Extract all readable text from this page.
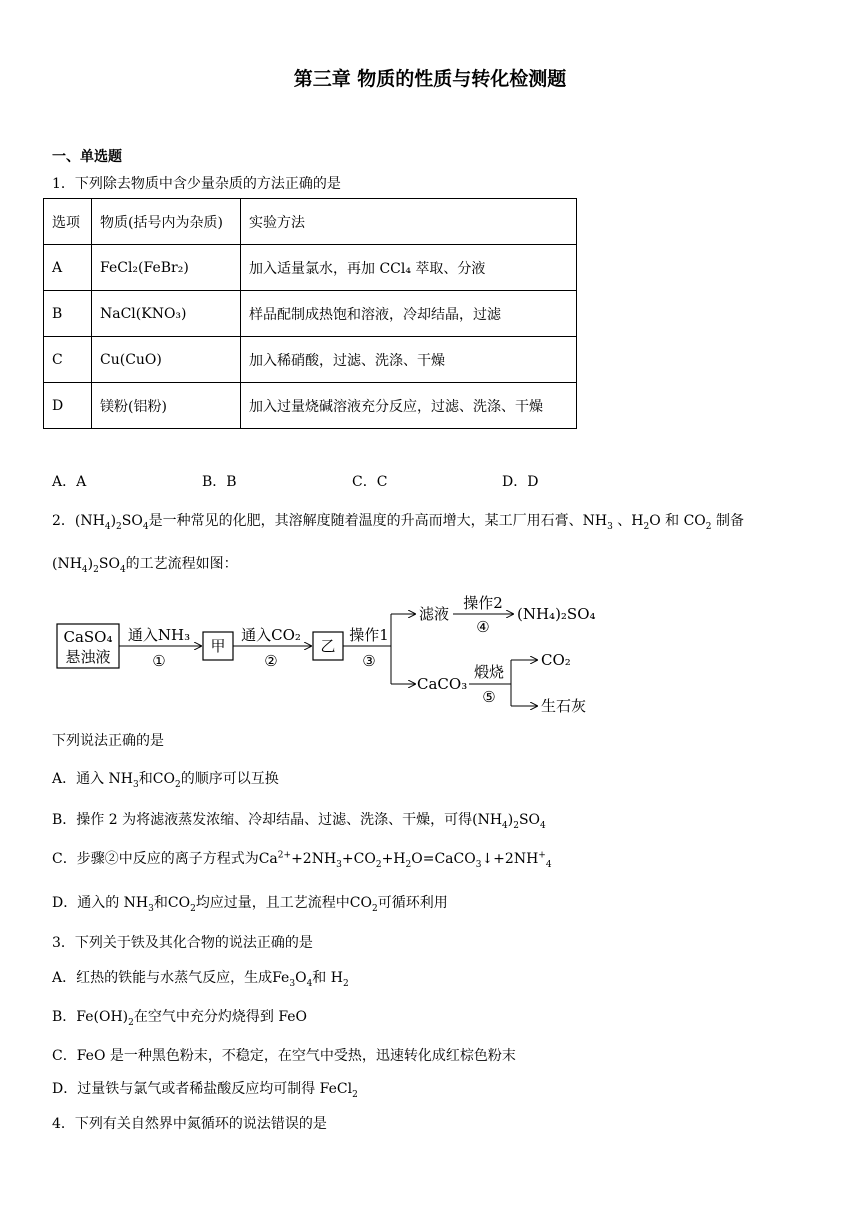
第三章 物质的性质与转化检测题
一、单选题
1．下列除去物质中含少量杂质的方法正确的是
选项	物质(括号内为杂质)	实验方法
A	FeCl₂(FeBr₂)	加入适量氯水，再加 CCl₄ 萃取、分液
B	NaCl(KNO₃)	样品配制成热饱和溶液，冷却结晶，过滤
C	Cu(CuO)	加入稀硝酸，过滤、洗涤、干燥
D	镁粉(铝粉)	加入过量烧碱溶液充分反应，过滤、洗涤、干燥
A．A	B．B	C．C	D．D
2．$(NH_4)_2SO_4$是一种常见的化肥，其溶解度随着温度的升高而增大，某工厂用石膏、$NH_3$ 、$H_2O$ 和 $CO_2$ 制备
$(NH_4)_2SO_4$的工艺流程如图：
CaSO₄
悬浊液
通入NH₃
①
甲
通入CO₂
②
乙
操作1
③
滤液
操作2
④
(NH₄)₂SO₄
CaCO₃
煅烧
⑤
CO₂
生石灰
下列说法正确的是
A．通入 $NH_3$和$CO_2$的顺序可以互换
B．操作 2 为将滤液蒸发浓缩、冷却结晶、过滤、洗涤、干燥，可得$(NH_4)_2SO_4$
C．步骤②中反应的离子方程式为$Ca^{2+}+2NH_3+CO_2+H_2O=CaCO_3↓+2NH^+_4$
D．通入的 $NH_3$和$CO_2$均应过量，且工艺流程中$CO_2$可循环利用
3．下列关于铁及其化合物的说法正确的是
A．红热的铁能与水蒸气反应，生成$Fe_3O_4$和 $H_2$
B．$Fe(OH)_2$在空气中充分灼烧得到 FeO
C．FeO 是一种黑色粉末，不稳定，在空气中受热，迅速转化成红棕色粉末
D．过量铁与氯气或者稀盐酸反应均可制得 FeCl$_2$
4．下列有关自然界中氮循环的说法错误的是
